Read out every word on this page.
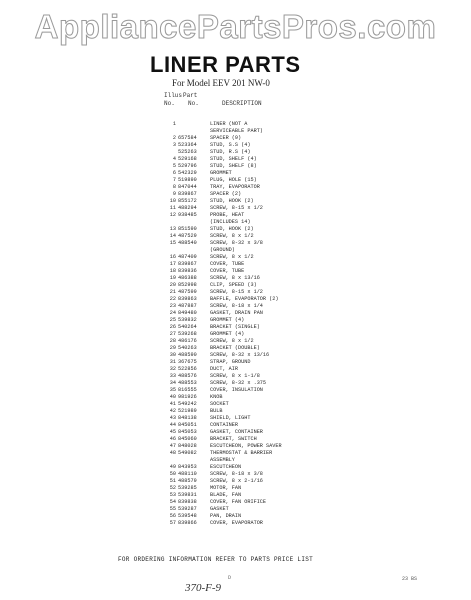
AppliancePartsPros.com
LINER PARTS
For Model EEV 201 NW-0
Illus Part
No. No.	DESCRIPTION
1	LINER (NOT A
SERVICEABLE PART)
2 657584	SPACER (9)
3 523364	STUD, S.S (4)
525263	STUD, R.S (4)
4 529168	STUD, SHELF (4)
5 529796	STUD, SHELF (8)
6 542329	GROMMET
7 519890	PLUG, HOLE (15)
8 847044	TRAY, EVAPORATOR
9 839867	SPACER (2)
10 855172	STUD, HOOK (2)
11 488294	SCREW, 8-15 x 1/2
12 938485	PROBE, HEAT
(INCLUDES 14)
13 851590	STUD, HOOK (2)
14 487529	SCREW, 8 x 1/2
15 488540	SCREW, 8-32 x 3/8
(GROUND)
16 487409	SCREW, 8 x 1/2
17 839867	COVER, TUBE
18 839836	COVER, TUBE
19 486388	SCREW, 8 x 13/16
20 852998	CLIP, SPEED (3)
21 487599	SCREW, 8-15 x 1/2
22 839863	BAFFLE, EVAPORATOR (2)
23 487887	SCREW, 8-18 x 1/4
24 849480	GASKET, DRAIN PAN
25 539832	GROMMET (4)
26 540264	BRACKET (SINGLE)
27 539268	GROMMET (4)
28 486176	SCREW, 8 x 1/2
29 540263	BRACKET (DOUBLE)
30 488590	SCREW, 8-32 x 13/16
31 367675	STRAP, GROUND
32 522856	DUCT, AIR
33 488576	SCREW, 8 x 1-1/8
34 488553	SCREW, 8-32 x .375
35 816555	COVER, INSULATION
40 981926	KNOB
41 549242	SOCKET
42 521989	BULB
43 848138	SHIELD, LIGHT
44 845051	CONTAINER
45 845053	GASKET, CONTAINER
46 845060	BRACKET, SWITCH
47 848028	ESCUTCHEON, POWER SAVER
48 549082	THERMOSTAT & BARRIER
ASSEMBLY
49 843953	ESCUTCHEON
50 488110	SCREW, 8-18 x 3/8
51 488579	SCREW, 8 x 2-1/16
52 539285	MOTOR, FAN
53 539831	BLADE, FAN
54 839838	COVER, FAN ORIFICE
55 539287	GASKET
56 539548	PAN, DRAIN
57 839866	COVER, EVAPORATOR
FOR ORDERING INFORMATION REFER TO PARTS PRICE LIST
D	23 BS
370-F-9
